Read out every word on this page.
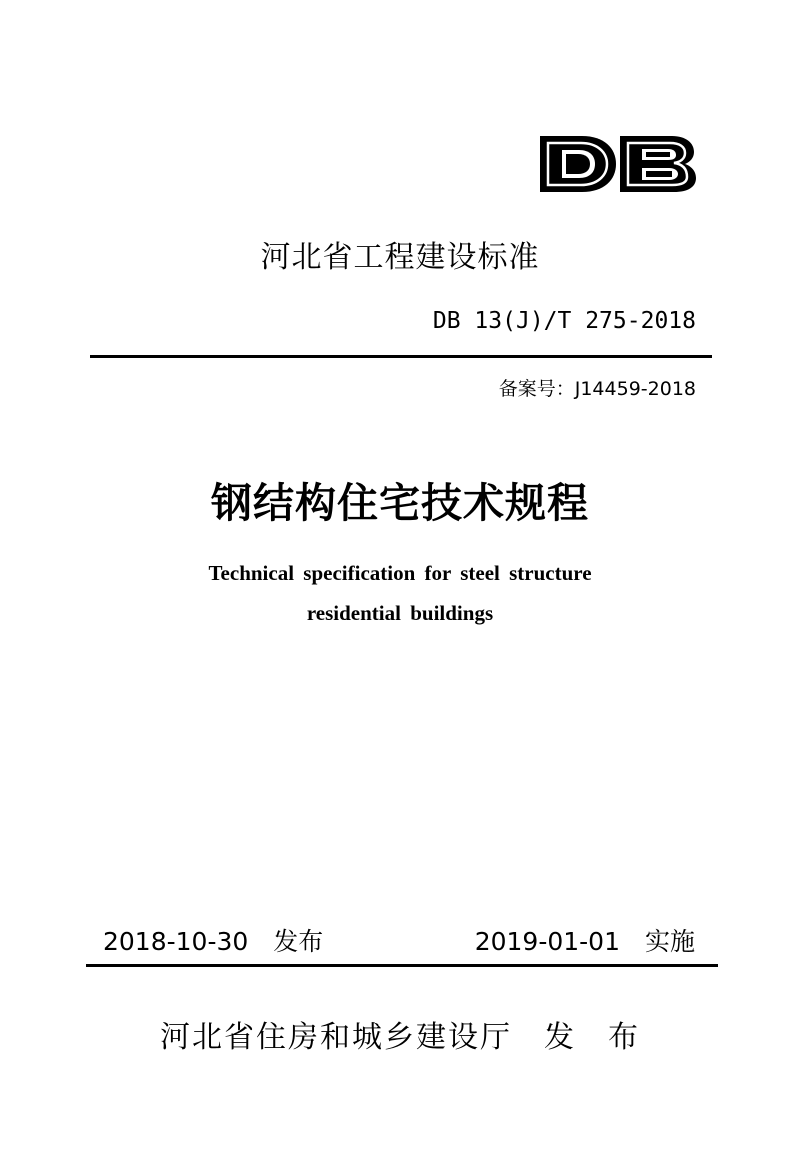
河北省工程建设标准
DB 13(J)/T 275-2018
备案号：J14459-2018
钢结构住宅技术规程
Technical specification for steel structure
residential buildings
2018-10-30　发布	2019-01-01　实施
河北省住房和城乡建设厅　发　布
